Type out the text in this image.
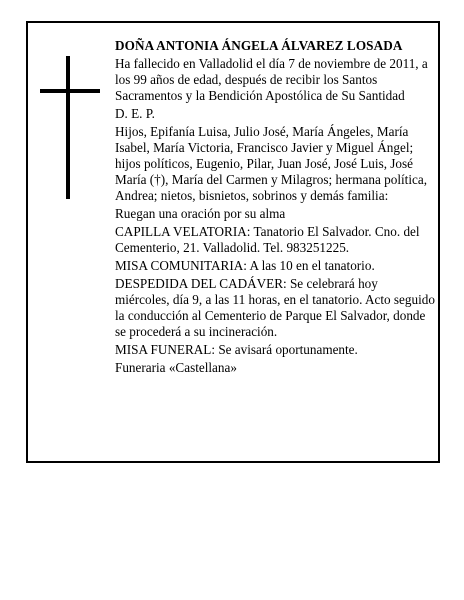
DOÑA ANTONIA ÁNGELA ÁLVAREZ LOSADA

Ha fallecido en Valladolid el día 7 de noviembre de 2011, a los 99 años de edad, después de recibir los Santos Sacramentos y la Bendición Apostólica de Su Santidad

D. E. P.

Hijos, Epifanía Luisa, Julio José, María Ángeles, María Isabel, María Victoria, Francisco Javier y Miguel Ángel; hijos políticos, Eugenio, Pilar, Juan José, José Luis, José María (†), María del Carmen y Milagros; hermana política, Andrea; nietos, bisnietos, sobrinos y demás familia:

Ruegan una oración por su alma

CAPILLA VELATORIA: Tanatorio El Salvador. Cno. del Cementerio, 21. Valladolid. Tel. 983251225.

MISA COMUNITARIA: A las 10 en el tanatorio.

DESPEDIDA DEL CADÁVER: Se celebrará hoy miércoles, día 9, a las 11 horas, en el tanatorio. Acto seguido la conducción al Cementerio de Parque El Salvador, donde se procederá a su incineración.

MISA FUNERAL: Se avisará oportunamente.

Funeraria «Castellana»
